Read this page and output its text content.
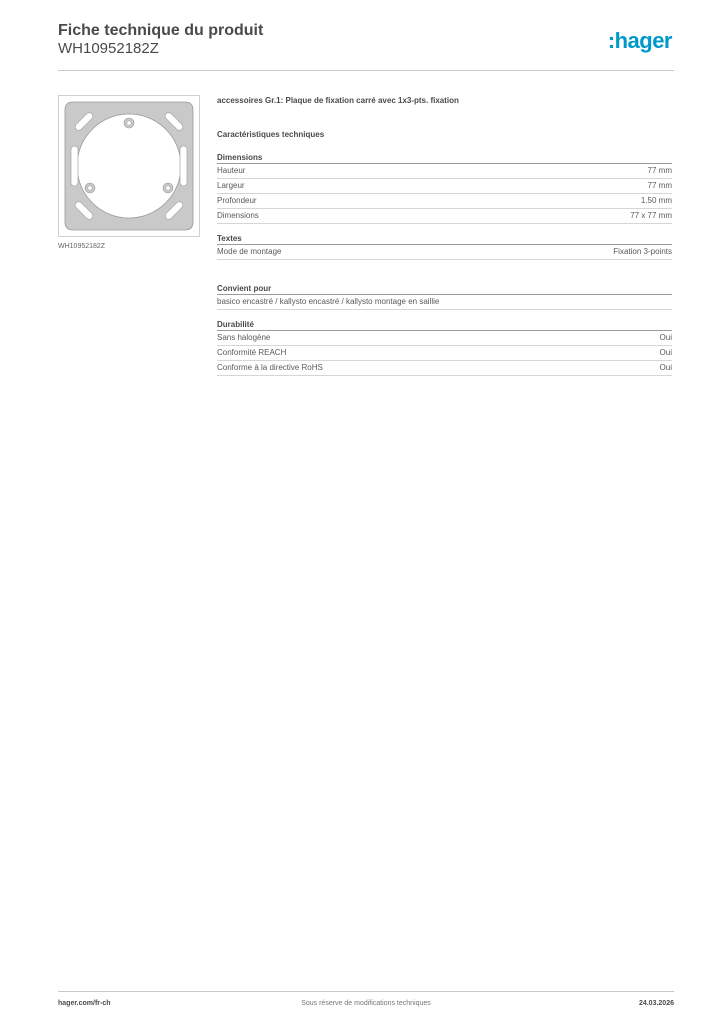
Fiche technique du produit
WH10952182Z	:hager
WH10952182Z
accessoires Gr.1: Plaque de fixation carré avec 1x3-pts. fixation
Caractéristiques techniques
Dimensions
Hauteur	77 mm
Largeur	77 mm
Profondeur	1.50 mm
Dimensions	77 x 77 mm
Textes
Mode de montage	Fixation 3-points
Convient pour
basico encastré / kallysto encastré / kallysto montage en saillie
Durabilité
Sans halogène	Oui
Conformité REACH	Oui
Conforme à la directive RoHS	Oui
hager.com/fr-ch	Sous réserve de modifications techniques	24.03.2026
